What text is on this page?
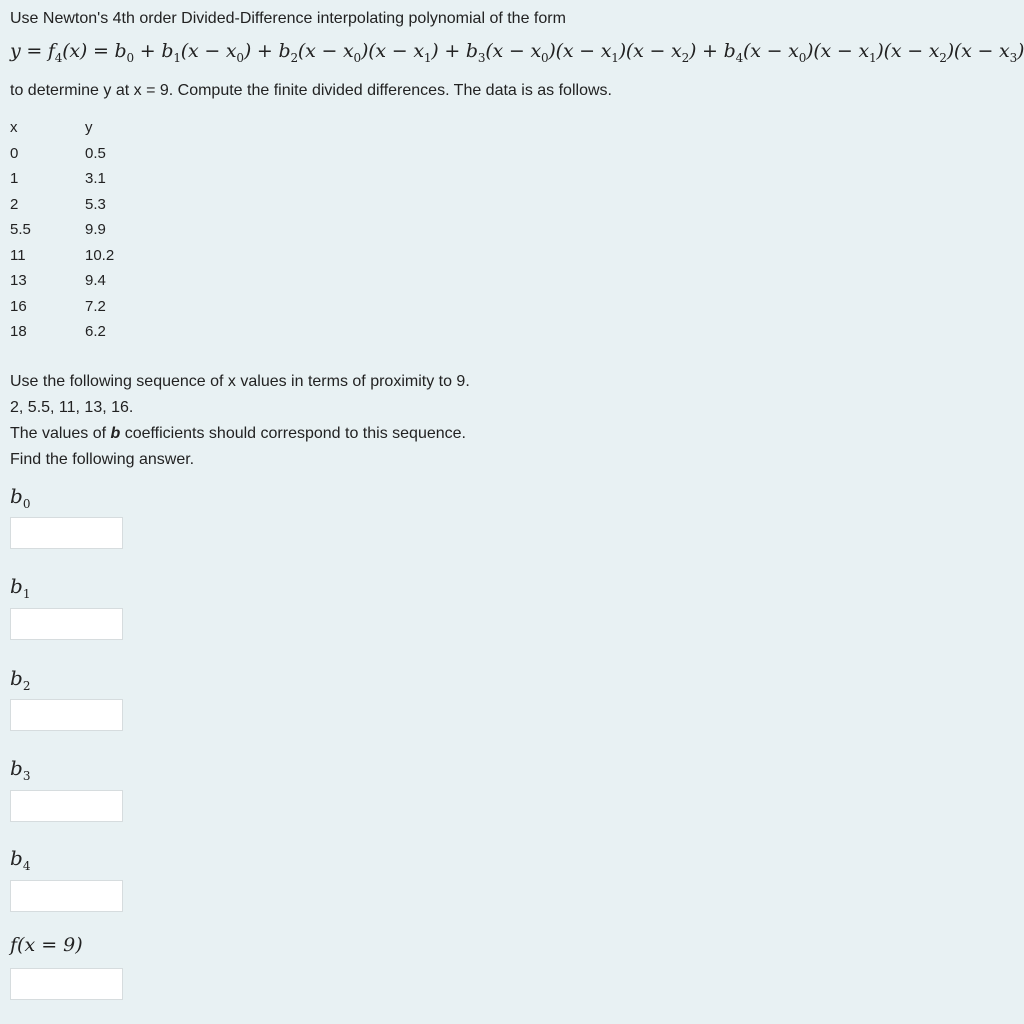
Use Newton's 4th order Divided-Difference interpolating polynomial of the form
$y = f_4(x) = b_0 + b_1(x - x_0) + b_2(x - x_0)(x - x_1) + b_3(x - x_0)(x - x_1)(x - x_2) + b_4(x - x_0)(x - x_1)(x - x_2)(x - x_3)$
to determine y at x = 9. Compute the finite divided differences. The data is as follows.
x	y
0	0.5
1	3.1
2	5.3
5.5	9.9
11	10.2
13	9.4
16	7.2
18	6.2
Use the following sequence of x values in terms of proximity to 9.
2, 5.5, 11, 13, 16.
The values of b coefficients should correspond to this sequence.
Find the following answer.
$b_0$
$b_1$
$b_2$
$b_3$
$b_4$
f(x = 9)
